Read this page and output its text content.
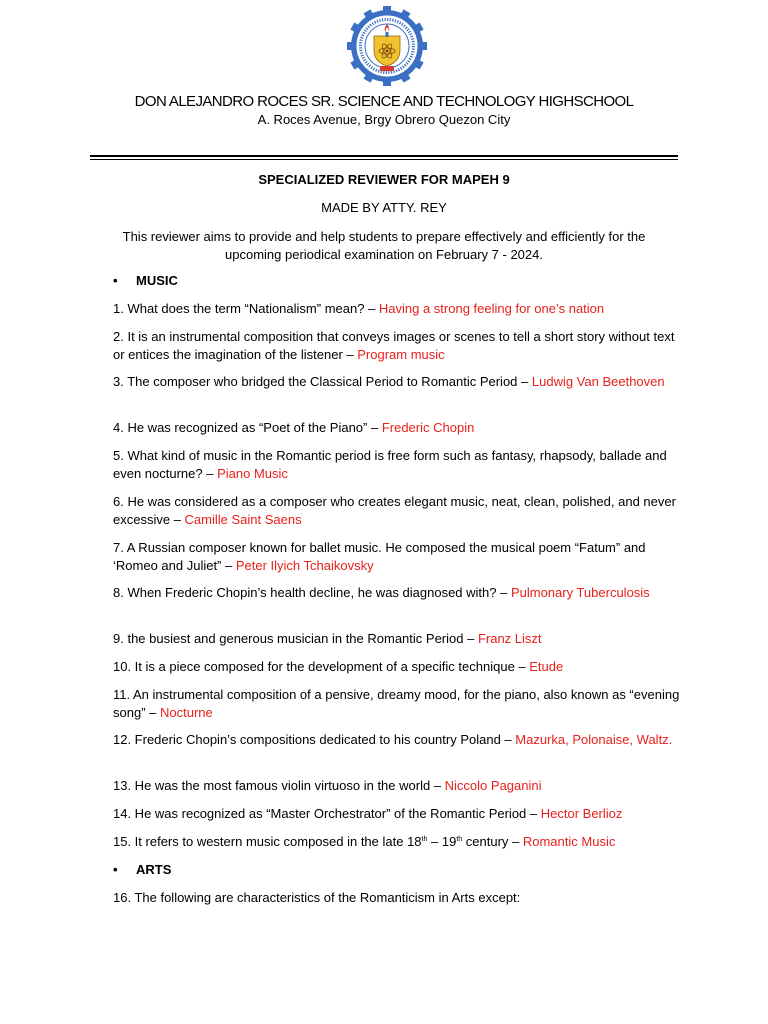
DON ALEJANDRO ROCES SR. SCIENCE AND TECHNOLOGY HIGHSCHOOL
A. Roces Avenue, Brgy Obrero Quezon City
SPECIALIZED REVIEWER FOR MAPEH 9
MADE BY ATTY. REY
This reviewer aims to provide and help students to prepare effectively and efficiently for the upcoming periodical examination on February 7 - 2024.
• MUSIC
1. What does the term “Nationalism” mean? – Having a strong feeling for one’s nation
2. It is an instrumental composition that conveys images or scenes to tell a short story without text or entices the imagination of the listener – Program music
3. The composer who bridged the Classical Period to Romantic Period – Ludwig Van Beethoven
4. He was recognized as “Poet of the Piano” – Frederic Chopin
5. What kind of music in the Romantic period is free form such as fantasy, rhapsody, ballade and even nocturne? – Piano Music
6. He was considered as a composer who creates elegant music, neat, clean, polished, and never excessive – Camille Saint Saens
7. A Russian composer known for ballet music. He composed the musical poem “Fatum” and ‘Romeo and Juliet” – Peter Ilyich Tchaikovsky
8. When Frederic Chopin’s health decline, he was diagnosed with? – Pulmonary Tuberculosis
9. the busiest and generous musician in the Romantic Period – Franz Liszt
10. It is a piece composed for the development of a specific technique – Etude
11. An instrumental composition of a pensive, dreamy mood, for the piano, also known as “evening song” – Nocturne
12. Frederic Chopin’s compositions dedicated to his country Poland – Mazurka, Polonaise, Waltz.
13. He was the most famous violin virtuoso in the world – Niccolo Paganini
14. He was recognized as “Master Orchestrator” of the Romantic Period – Hector Berlioz
15. It refers to western music composed in the late 18th – 19th century – Romantic Music
• ARTS
16. The following are characteristics of the Romanticism in Arts except:
